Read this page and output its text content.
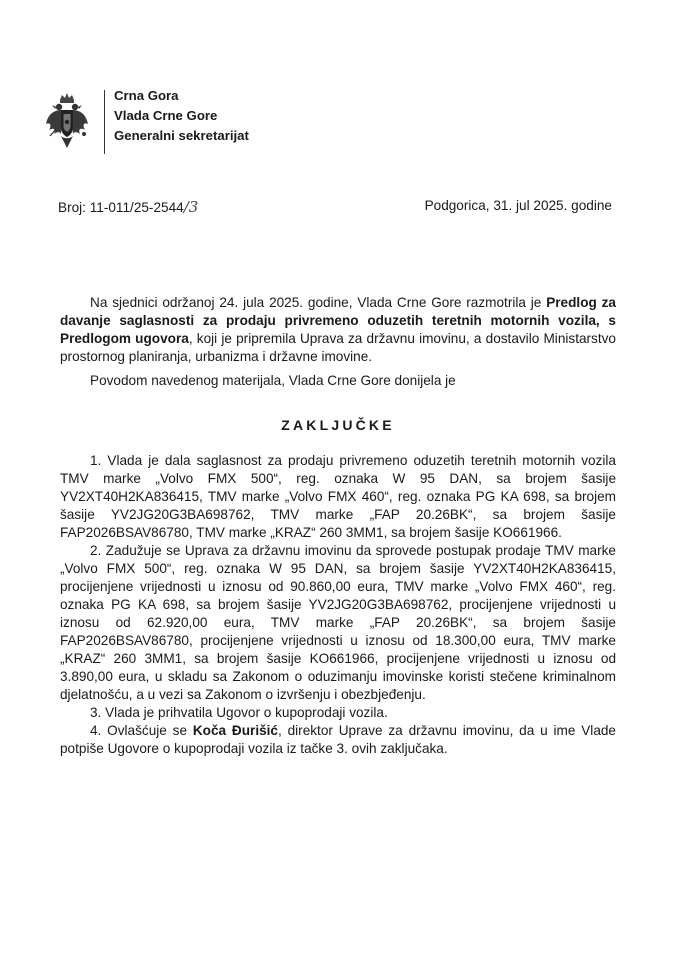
Crna Gora
Vlada Crne Gore
Generalni sekretarijat
Broj: 11-011/25-2544/3	Podgorica, 31. jul 2025. godine

Na sjednici održanoj 24. jula 2025. godine, Vlada Crne Gore razmotrila je Predlog za davanje saglasnosti za prodaju privremeno oduzetih teretnih motornih vozila, s Predlogom ugovora, koji je pripremila Uprava za državnu imovinu, a dostavilo Ministarstvo prostornog planiranja, urbanizma i državne imovine.

Povodom navedenog materijala, Vlada Crne Gore donijela je

ZAKLJUČKE

1. Vlada je dala saglasnost za prodaju privremeno oduzetih teretnih motornih vozila TMV marke „Volvo FMX 500“, reg. oznaka W 95 DAN, sa brojem šasije YV2XT40H2KA836415, TMV marke „Volvo FMX 460“, reg. oznaka PG KA 698, sa brojem šasije YV2JG20G3BA698762, TMV marke „FAP 20.26BK“, sa brojem šasije FAP2026BSAV86780, TMV marke „KRAZ“ 260 3MM1, sa brojem šasije KO661966.

2. Zadužuje se Uprava za državnu imovinu da sprovede postupak prodaje TMV marke „Volvo FMX 500“, reg. oznaka W 95 DAN, sa brojem šasije YV2XT40H2KA836415, procijenjene vrijednosti u iznosu od 90.860,00 eura, TMV marke „Volvo FMX 460“, reg. oznaka PG KA 698, sa brojem šasije YV2JG20G3BA698762, procijenjene vrijednosti u iznosu od 62.920,00 eura, TMV marke „FAP 20.26BK“, sa brojem šasije FAP2026BSAV86780, procijenjene vrijednosti u iznosu od 18.300,00 eura, TMV marke „KRAZ“ 260 3MM1, sa brojem šasije KO661966, procijenjene vrijednosti u iznosu od 3.890,00 eura, u skladu sa Zakonom o oduzimanju imovinske koristi stečene kriminalnom djelatnošću, a u vezi sa Zakonom o izvršenju i obezbjeđenju.

3. Vlada je prihvatila Ugovor o kupoprodaji vozila.

4. Ovlašćuje se Koča Đurišić, direktor Uprave za državnu imovinu, da u ime Vlade potpiše Ugovore o kupoprodaji vozila iz tačke 3. ovih zaključaka.
